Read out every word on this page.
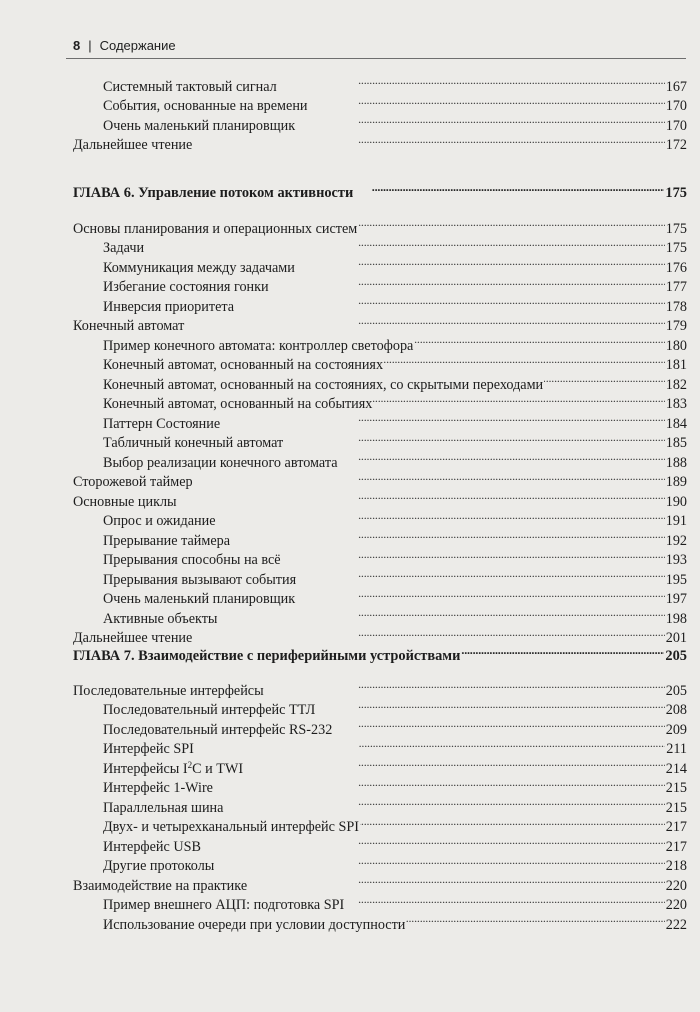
8 | Содержание
Системный тактовый сигнал . . .	167
События, основанные на времени . . .	170
Очень маленький планировщик . . .	170
Дальнейшее чтение . . .	172
ГЛАВА 6. Управление потоком активности . . .	175
Основы планирования и операционных систем . . .	175
Задачи . . .	175
Коммуникация между задачами . . .	176
Избегание состояния гонки . . .	177
Инверсия приоритета . . .	178
Конечный автомат . . .	179
Пример конечного автомата: контроллер светофора . . .	180
Конечный автомат, основанный на состояниях . . .	181
Конечный автомат, основанный на состояниях, со скрытыми переходами . . .	182
Конечный автомат, основанный на событиях . . .	183
Паттерн Состояние . . .	184
Табличный конечный автомат . . .	185
Выбор реализации конечного автомата . . .	188
Сторожевой таймер . . .	189
Основные циклы . . .	190
Опрос и ожидание . . .	191
Прерывание таймера . . .	192
Прерывания способны на всё . . .	193
Прерывания вызывают события . . .	195
Очень маленький планировщик . . .	197
Активные объекты . . .	198
Дальнейшее чтение . . .	201
ГЛАВА 7. Взаимодействие с периферийными устройствами . . .	205
Последовательные интерфейсы . . .	205
Последовательный интерфейс ТТЛ . . .	208
Последовательный интерфейс RS-232 . . .	209
Интерфейс SPI . . .	211
Интерфейсы $I^2C$ и TWI . . .	214
Интерфейс 1-Wire . . .	215
Параллельная шина . . .	215
Двух- и четырехканальный интерфейс SPI . . .	217
Интерфейс USB . . .	217
Другие протоколы . . .	218
Взаимодействие на практике . . .	220
Пример внешнего АЦП: подготовка SPI . . .	220
Использование очереди при условии доступности . . .	222
